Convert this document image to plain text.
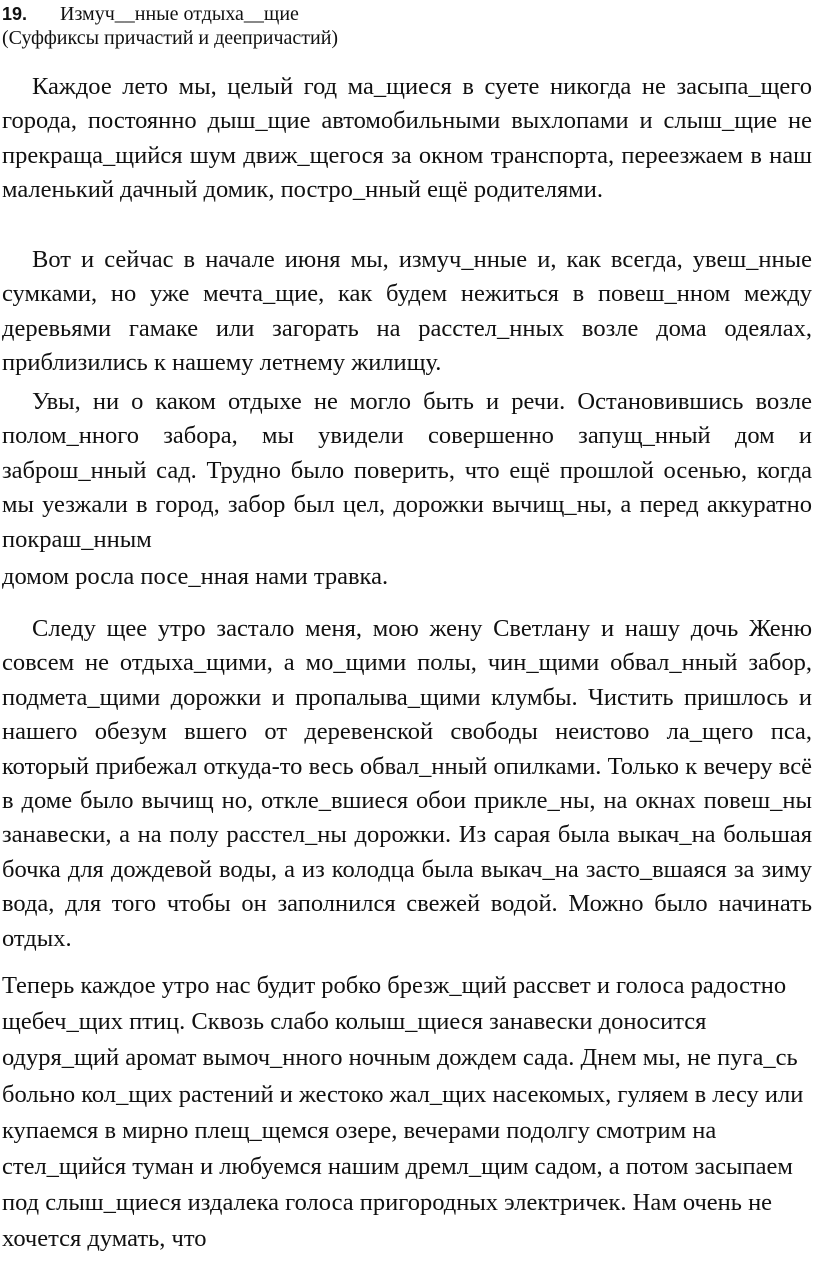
19. Измуч__нные отдыха__щие
(Суффиксы причастий и деепричастий)

Каждое лето мы, целый год ма_щиеся в суете никогда не засыпа_щего города, постоянно дыш_щие автомобильными выхлопами и слыш_щие не прекраща_щийся шум движ_щегося за окном транспорта, переезжаем в наш маленький дачный домик, постро_нный ещё родителями.

Вот и сейчас в начале июня мы, измуч_нные и, как всегда, увеш_нные сумками, но уже мечта_щие, как будем нежиться в повеш_нном между деревьями гамаке или загорать на расстел_нных возле дома одеялах, приблизились к нашему летнему жилищу.

Увы, ни о каком отдыхе не могло быть и речи. Остановившись возле полом_нного забора, мы увидели совершенно запущ_нный дом и заброш_нный сад. Трудно было поверить, что ещё прошлой осенью, когда мы уезжали в город, забор был цел, дорожки вычищ_ны, а перед аккуратно покраш_нным

домом росла посе_нная нами травка.

Следу щее утро застало меня, мою жену Светлану и нашу дочь Женю совсем не отдыха_щими, а мо_щими полы, чин_щими обвал_нный забор, подмета_щими дорожки и пропалыва_щими клумбы. Чистить пришлось и нашего обезум вшего от деревенской свободы неистово ла_щего пса, который прибежал откуда-то весь обвал_нный опилками. Только к вечеру всё в доме было вычищ но, откле_вшиеся обои прикле_ны, на окнах повеш_ны занавески, а на полу расстел_ны дорожки. Из сарая была выкач_на большая бочка для дождевой воды, а из колодца была выкач_на засто_вшаяся за зиму вода, для того чтобы он заполнился свежей водой. Можно было начинать отдых.

Теперь каждое утро нас будит робко брезж_щий рассвет и голоса радостно щебеч_щих птиц. Сквозь слабо колыш_щиеся занавески доносится одуря_щий аромат вымоч_нного ночным дождем сада. Днем мы, не пуга_сь больно кол_щих растений и жестоко жал_щих насекомых, гуляем в лесу или купаемся в мирно плещ_щемся озере, вечерами подолгу смотрим на стел_щийся туман и любуемся нашим дремл_щим садом, а потом засыпаем под слыш_щиеся издалека голоса пригородных электричек. Нам очень не хочется думать, что
